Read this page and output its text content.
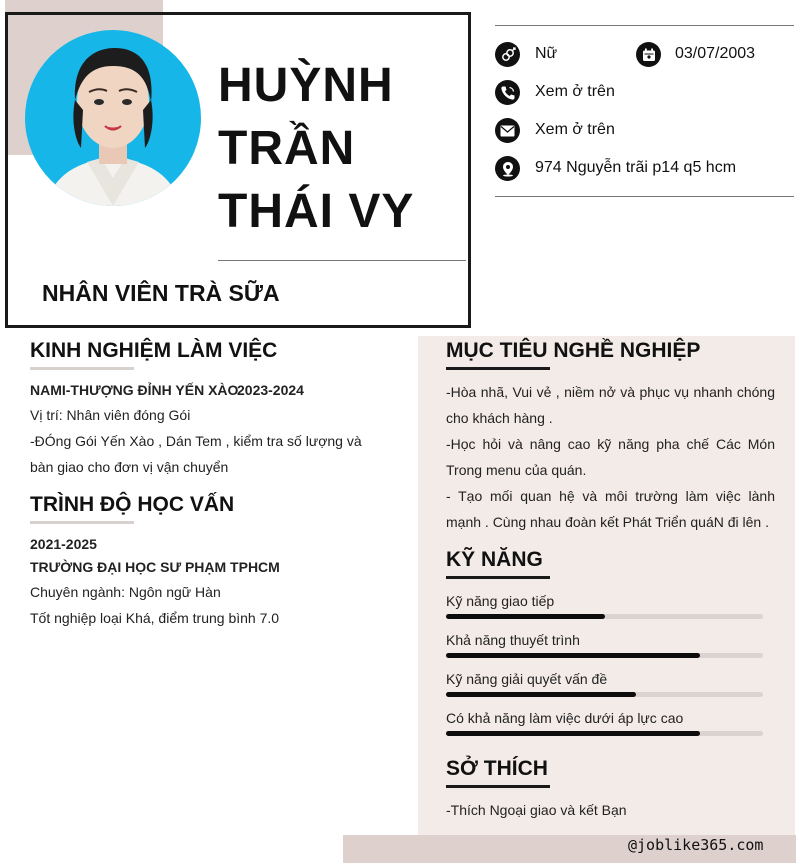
HUỲNH
TRẦN
THÁI VY
NHÂN VIÊN TRÀ SỮA
Nữ	03/07/2003
Xem ở trên
Xem ở trên
974 Nguyễn trãi p14 q5 hcm
KINH NGHIỆM LÀM VIỆC
NAMI-THƯỢNG ĐỈNH YẾN XÀO
2023-2024
Vị trí: Nhân viên đóng Gói
-ĐÓng Gói Yến Xào , Dán Tem , kiểm tra số lượng và
bàn giao cho đơn vị vận chuyển
TRÌNH ĐỘ HỌC VẤN
2021-2025
TRƯỜNG ĐẠI HỌC SƯ PHẠM TPHCM
Chuyên ngành: Ngôn ngữ Hàn
Tốt nghiệp loại Khá, điểm trung bình 7.0
MỤC TIÊU NGHỀ NGHIỆP
-Hòa nhã, Vui vẻ , niềm nở và phục vụ nhanh chóng cho khách hàng .
-Học hỏi và nâng cao kỹ năng pha chế Các Món Trong menu của quán.
- Tạo mối quan hệ và môi trường làm việc lành mạnh . Cùng nhau đoàn kết Phát Triển quáN đi lên .
KỸ NĂNG
Kỹ năng giao tiếp
Khả năng thuyết trình
Kỹ năng giải quyết vấn đề
Có khả năng làm việc dưới áp lực cao
SỞ THÍCH
-Thích Ngoại giao và kết Bạn
@joblike365.com
